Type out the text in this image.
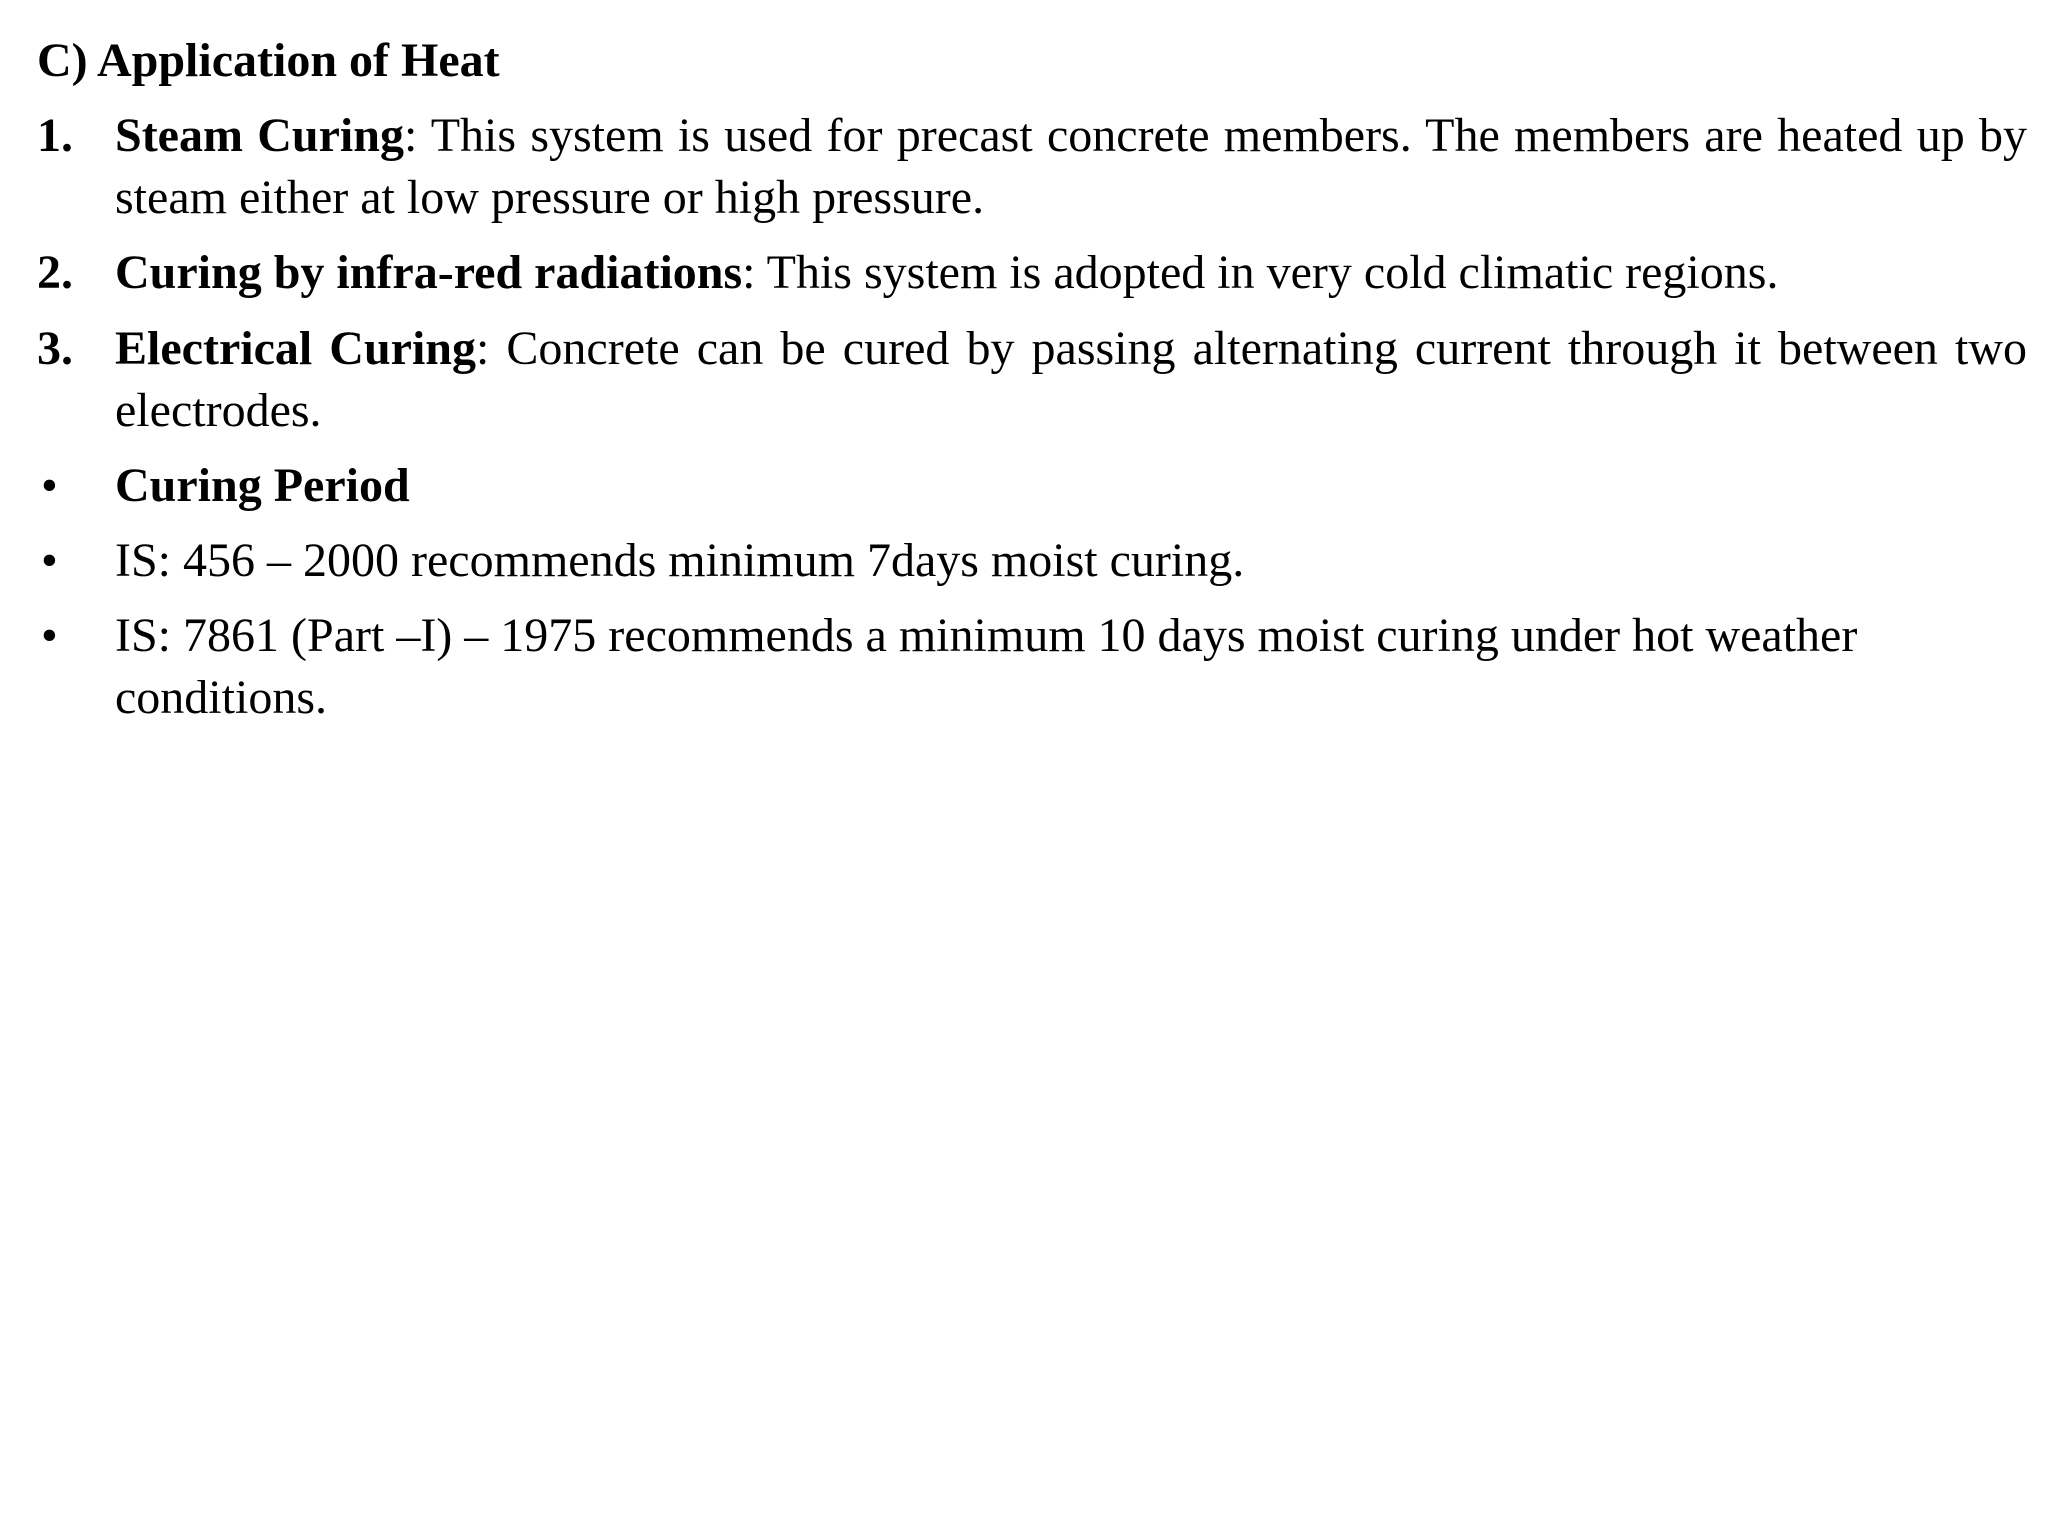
C) Application of Heat
1. Steam Curing: This system is used for precast concrete members. The members are heated up by steam either at low pressure or high pressure.
2. Curing by infra-red radiations: This system is adopted in very cold climatic regions.
3. Electrical Curing: Concrete can be cured by passing alternating current through it between two electrodes.
•	Curing Period
•	IS: 456 – 2000 recommends minimum 7days moist curing.
•	IS: 7861 (Part –I) – 1975 recommends a minimum 10 days moist curing under hot weather conditions.
